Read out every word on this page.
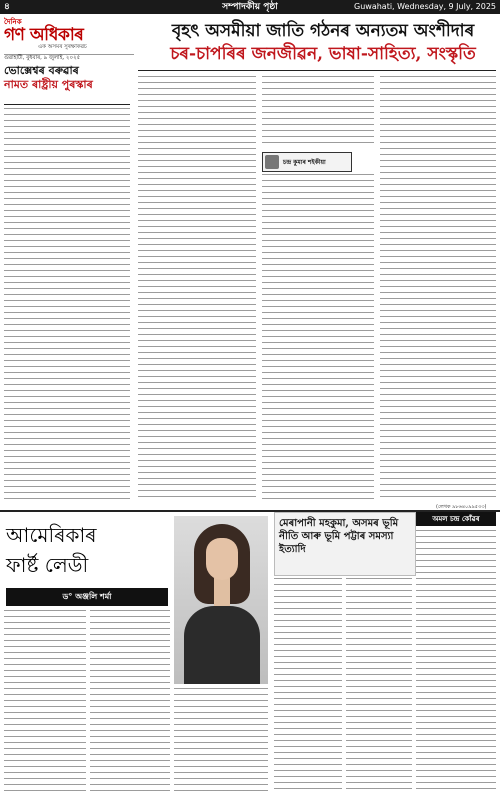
৪	সম্পাদকীয় পৃষ্ঠা	Guwahati, Wednesday, 9 July, 2025
দৈনিক
গণ অধিকাৰ
এক অসমৰ সুৰক্ষাকৱচ
গুৱাহাটী, বুধবাৰ, ৯ জুলাই, ২০২৫
বৃহৎ অসমীয়া জাতি গঠনৰ অন্যতম অংশীদাৰ
চৰ-চাপৰিৰ জনজীৱন, ভাষা-সাহিত্য, সংস্কৃতি
ভোক্সেশ্বৰ বৰুৱাৰ
নামত ৰাষ্ট্ৰীয় পুৰস্কাৰ
চন্দ্ৰ কুমাৰ শইকীয়া
(লেখক ৯৮৬৪০৯৯৫৩৩)
আমেৰিকাৰ
ফাৰ্ষ্ট লেডী
ড° অঞ্জলি শৰ্মা
মেৰাপানী মহকুমা, অসমৰ ভূমি নীতি আৰু ভূমি পট্টাৰ সমস্যা ইত্যাদি
অমল চন্দ্ৰ কোঁৱৰ
